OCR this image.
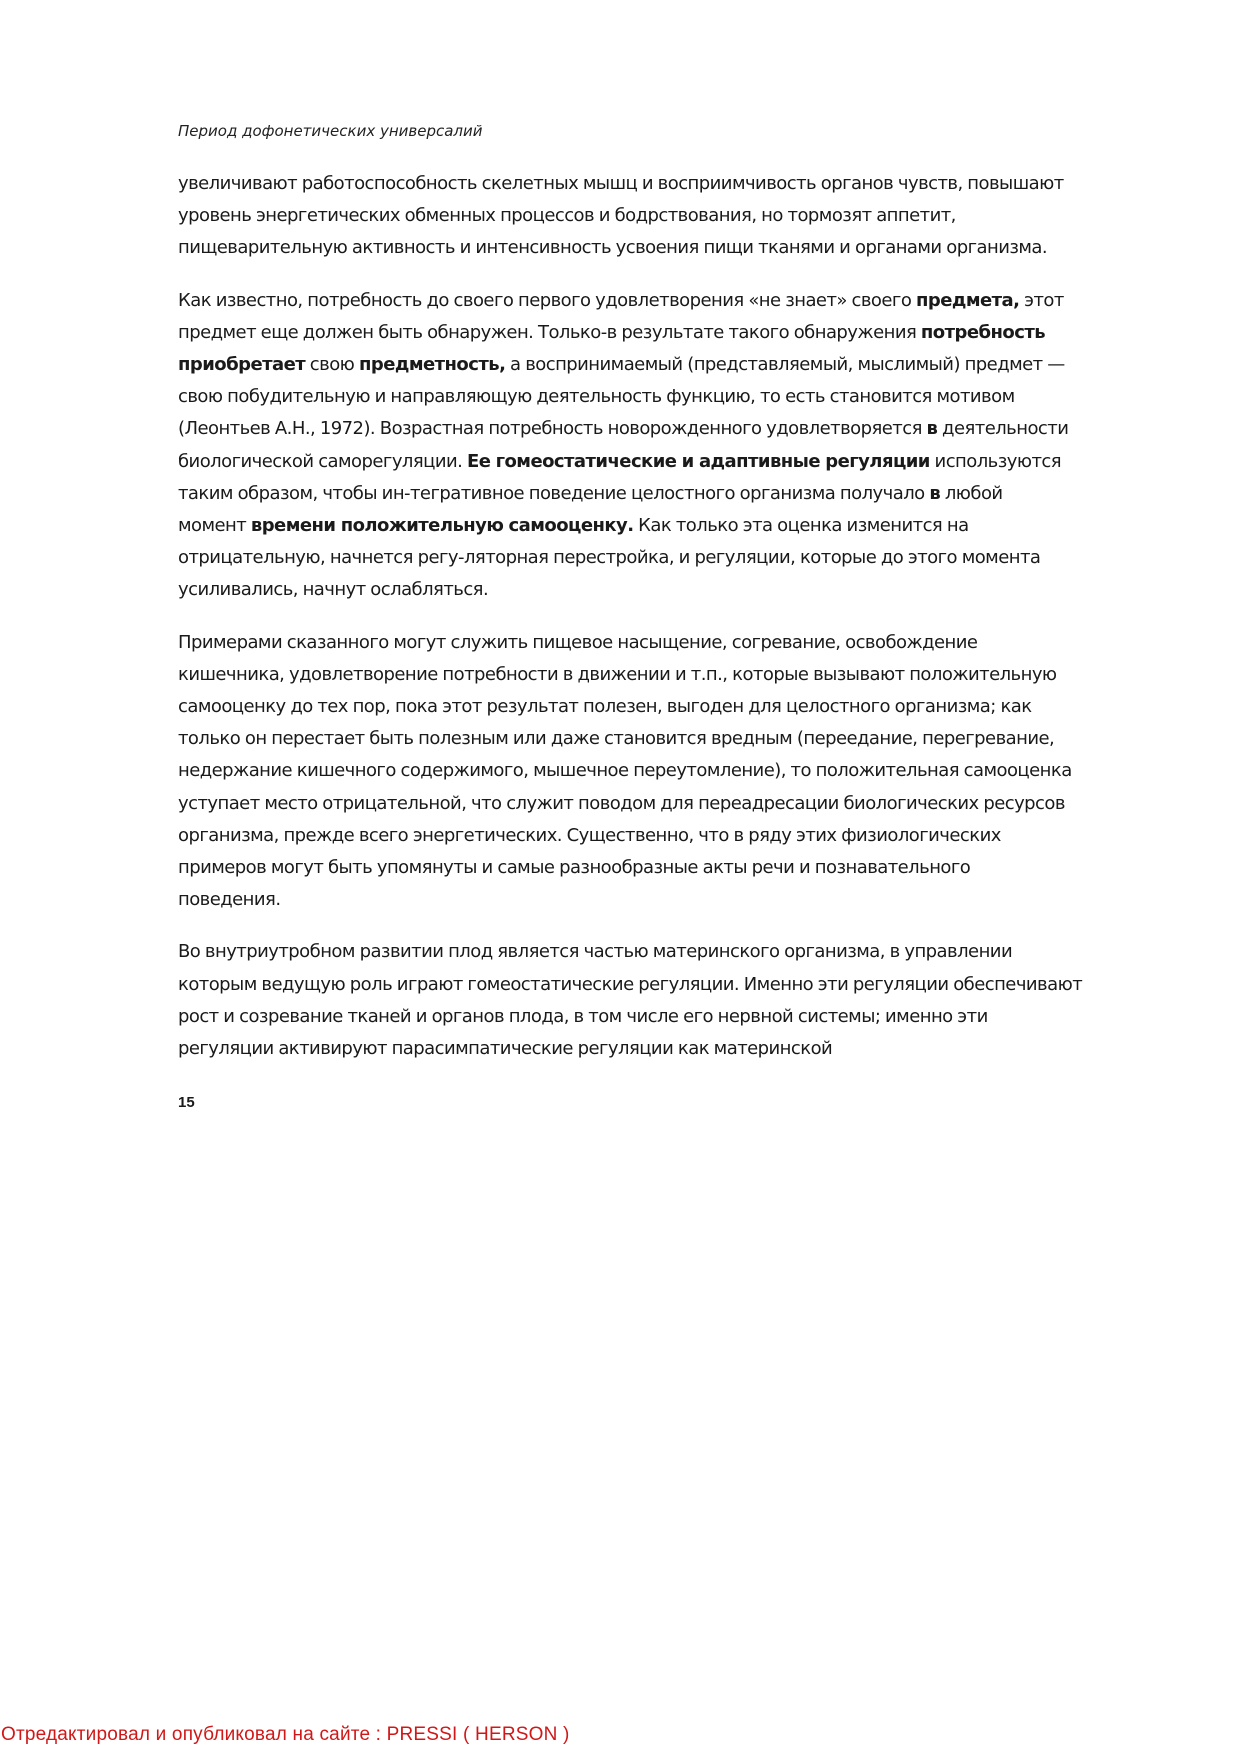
Период дофонетических универсалий

увеличивают работоспособность скелетных мышц и восприимчивость органов чувств, повышают
уровень энергетических обменных процессов и бодрствования, но тормозят аппетит,
пищеварительную активность и интенсивность усвоения пищи тканями и органами организма.

Как известно, потребность до своего первого удовлетворения «не знает» своего предмета, этот
предмет еще должен быть обнаружен. Только-в результате такого обнаружения потребность
приобретает свою предметность, а воспринимаемый (представляемый, мыслимый) предмет —
свою побудительную и направляющую деятельность функцию, то есть становится мотивом
(Леонтьев А.Н., 1972). Возрастная потребность новорожденного удовлетворяется в деятельности
биологической саморегуляции. Ее гомеостатические и адаптивные регуляции используются
таким образом, чтобы ин-тегративное поведение целостного организма получало в любой
момент времени положительную самооценку. Как только эта оценка изменится на
отрицательную, начнется регу-ляторная перестройка, и регуляции, которые до этого момента
усиливались, начнут ослабляться.

Примерами сказанного могут служить пищевое насыщение, согревание, освобождение
кишечника, удовлетворение потребности в движении и т.п., которые вызывают положительную
самооценку до тех пор, пока этот результат полезен, выгоден для целостного организма; как
только он перестает быть полезным или даже становится вредным (переедание, перегревание,
недержание кишечного содержимого, мышечное переутомление), то положительная самооценка
уступает место отрицательной, что служит поводом для переадресации биологических ресурсов
организма, прежде всего энергетических. Существенно, что в ряду этих физиологических
примеров могут быть упомянуты и самые разнообразные акты речи и познавательного
поведения.

Во внутриутробном развитии плод является частью материнского организма, в управлении
которым ведущую роль играют гомеостатические регуляции. Именно эти регуляции обеспечивают
рост и созревание тканей и органов плода, в том числе его нервной системы; именно эти
регуляции активируют парасимпатические регуляции как материнской

15
Отредактировал и опубликовал на сайте : PRESSI ( HERSON )
